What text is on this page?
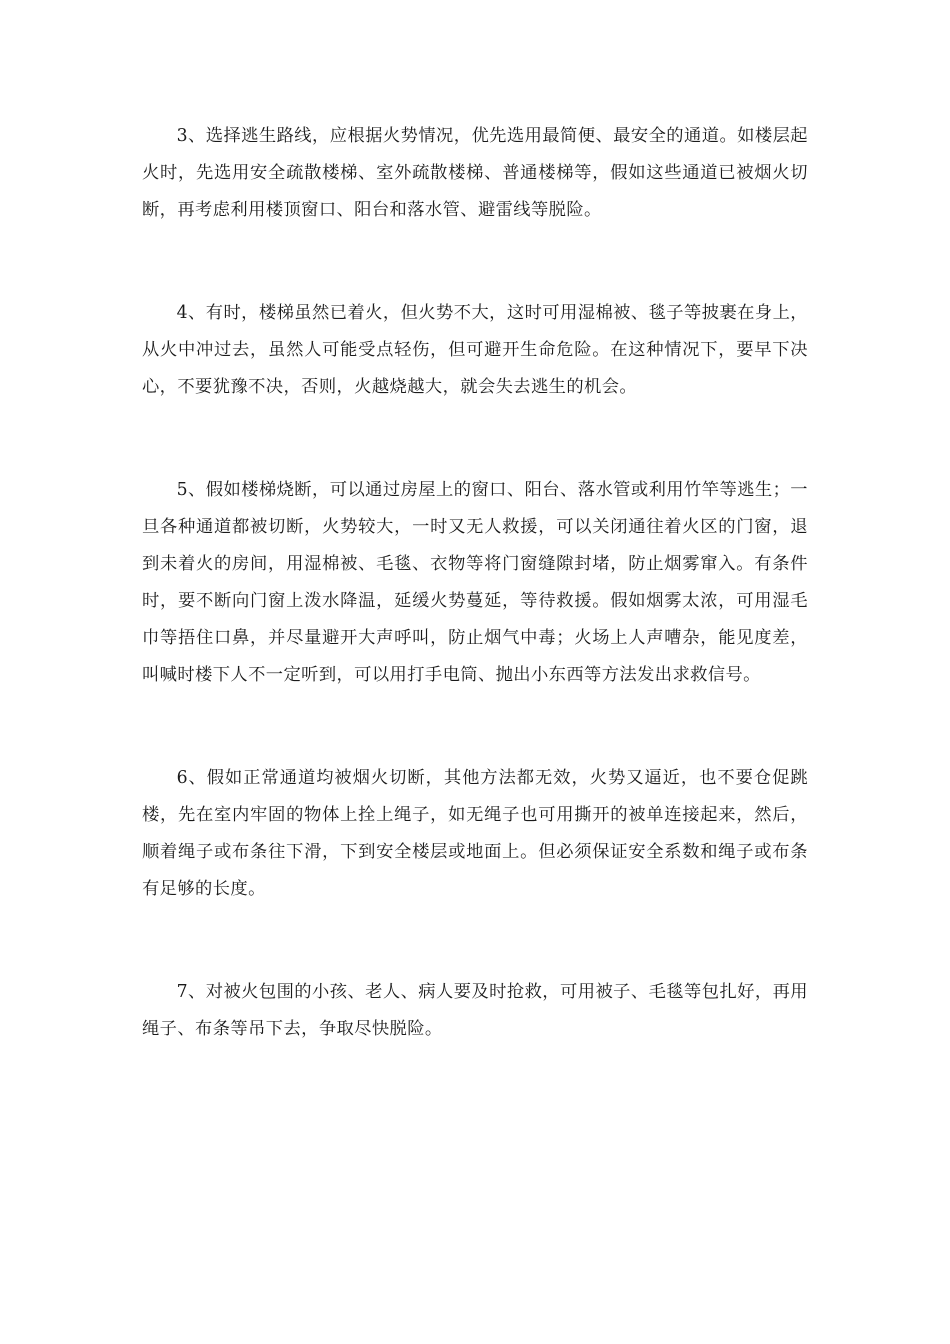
3、选择逃生路线，应根据火势情况，优先选用最简便、最安全的通道。如楼层起火时，先选用安全疏散楼梯、室外疏散楼梯、普通楼梯等，假如这些通道已被烟火切断，再考虑利用楼顶窗口、阳台和落水管、避雷线等脱险。

4、有时，楼梯虽然已着火，但火势不大，这时可用湿棉被、毯子等披裹在身上，从火中冲过去，虽然人可能受点轻伤，但可避开生命危险。在这种情况下，要早下决心，不要犹豫不决，否则，火越烧越大，就会失去逃生的机会。

5、假如楼梯烧断，可以通过房屋上的窗口、阳台、落水管或利用竹竿等逃生；一旦各种通道都被切断，火势较大，一时又无人救援，可以关闭通往着火区的门窗，退到未着火的房间，用湿棉被、毛毯、衣物等将门窗缝隙封堵，防止烟雾窜入。有条件时，要不断向门窗上泼水降温，延缓火势蔓延，等待救援。假如烟雾太浓，可用湿毛巾等捂住口鼻，并尽量避开大声呼叫，防止烟气中毒；火场上人声嘈杂，能见度差，叫喊时楼下人不一定听到，可以用打手电筒、抛出小东西等方法发出求救信号。

6、假如正常通道均被烟火切断，其他方法都无效，火势又逼近，也不要仓促跳楼，先在室内牢固的物体上拴上绳子，如无绳子也可用撕开的被单连接起来，然后，顺着绳子或布条往下滑，下到安全楼层或地面上。但必须保证安全系数和绳子或布条有足够的长度。

7、对被火包围的小孩、老人、病人要及时抢救，可用被子、毛毯等包扎好，再用绳子、布条等吊下去，争取尽快脱险。
